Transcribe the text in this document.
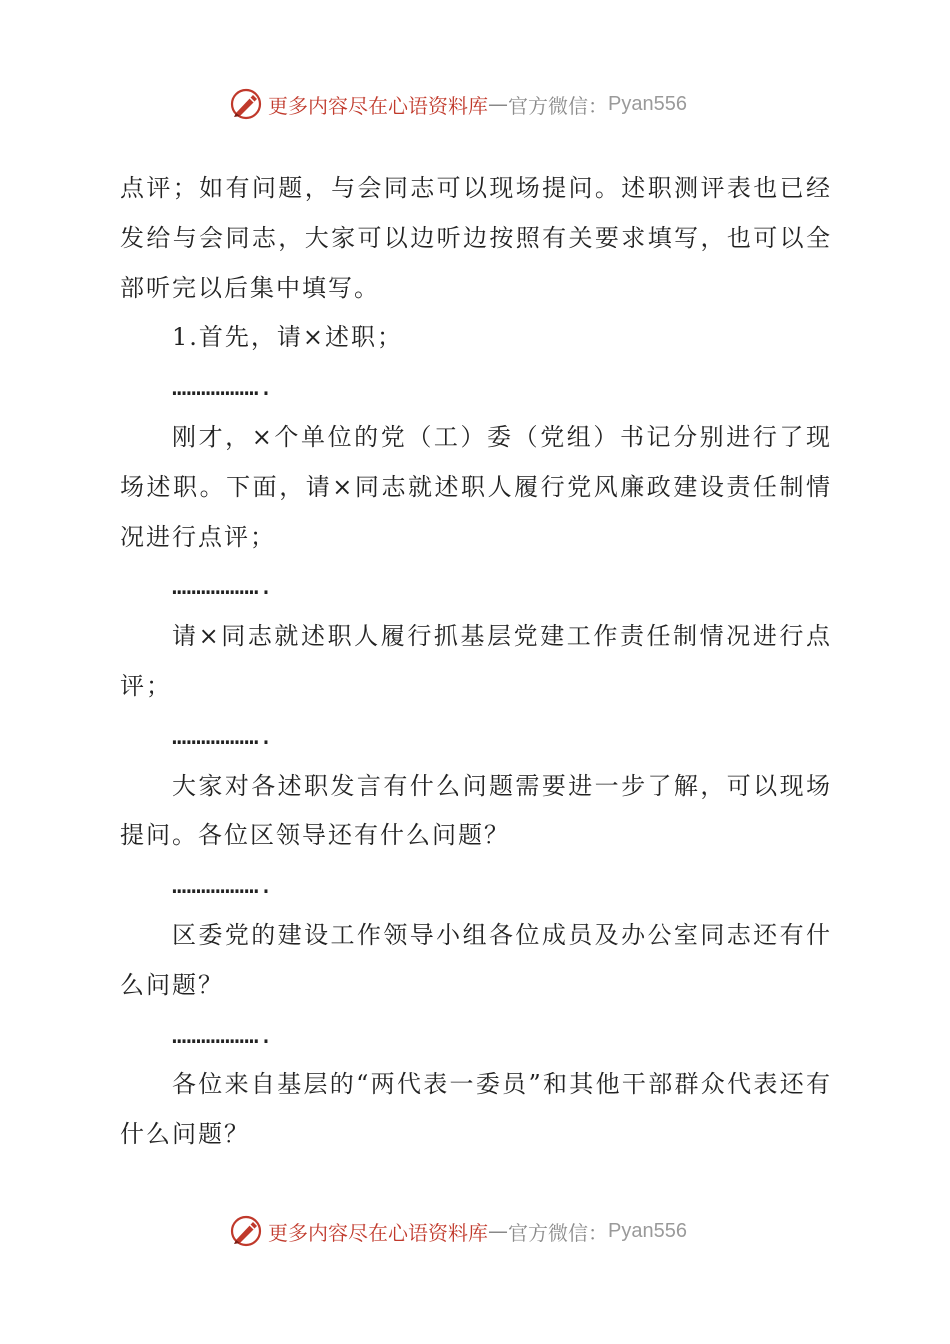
更多内容尽在心语资料库 — 官方微信： Pyan556

点评；如有问题，与会同志可以现场提问。述职测评表也已经发给与会同志，大家可以边听边按照有关要求填写，也可以全部听完以后集中填写。

1.首先，请×述职；

……………….

刚才，×个单位的党（工）委（党组）书记分别进行了现场述职。下面，请×同志就述职人履行党风廉政建设责任制情况进行点评；

……………….

请×同志就述职人履行抓基层党建工作责任制情况进行点评；

……………….

大家对各述职发言有什么问题需要进一步了解，可以现场提问。各位区领导还有什么问题？

……………….

区委党的建设工作领导小组各位成员及办公室同志还有什么问题？

……………….

各位来自基层的“两代表一委员”和其他干部群众代表还有什么问题？

更多内容尽在心语资料库 — 官方微信： Pyan556
